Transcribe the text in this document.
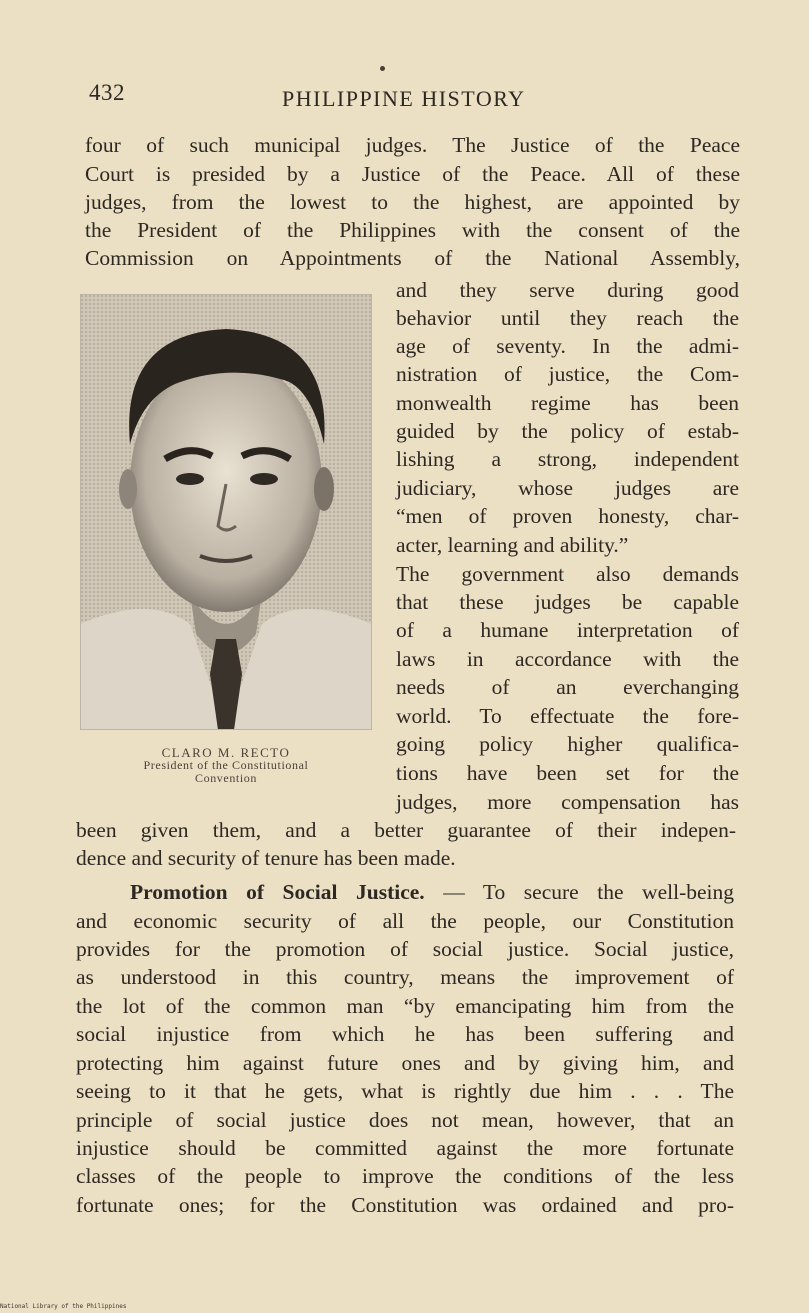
432	PHILIPPINE HISTORY
four of such municipal judges. The Justice of the Peace
Court is presided by a Justice of the Peace. All of these
judges, from the lowest to the highest, are appointed by
the President of the Philippines with the consent of the
Commission on Appointments of the National Assembly,
CLARO M. RECTO
President of the Constitutional
Convention
and they serve during good
behavior until they reach the
age of seventy. In the admi-
nistration of justice, the Com-
monwealth regime has been
guided by the policy of estab-
lishing a strong, independent
judiciary, whose judges are
“men of proven honesty, char-
acter, learning and ability.”
The government also demands
that these judges be capable
of a humane interpretation of
laws in accordance with the
needs of an everchanging
world. To effectuate the fore-
going policy higher qualifica-
tions have been set for the
judges, more compensation has
been given them, and a better guarantee of their indepen-
dence and security of tenure has been made.
Promotion of Social Justice. — To secure the well-being
and economic security of all the people, our Constitution
provides for the promotion of social justice. Social justice,
as understood in this country, means the improvement of
the lot of the common man “by emancipating him from the
social injustice from which he has been suffering and
protecting him against future ones and by giving him, and
seeing to it that he gets, what is rightly due him . . . The
principle of social justice does not mean, however, that an
injustice should be committed against the more fortunate
classes of the people to improve the conditions of the less
fortunate ones; for the Constitution was ordained and pro-
National Library of the Philippines
